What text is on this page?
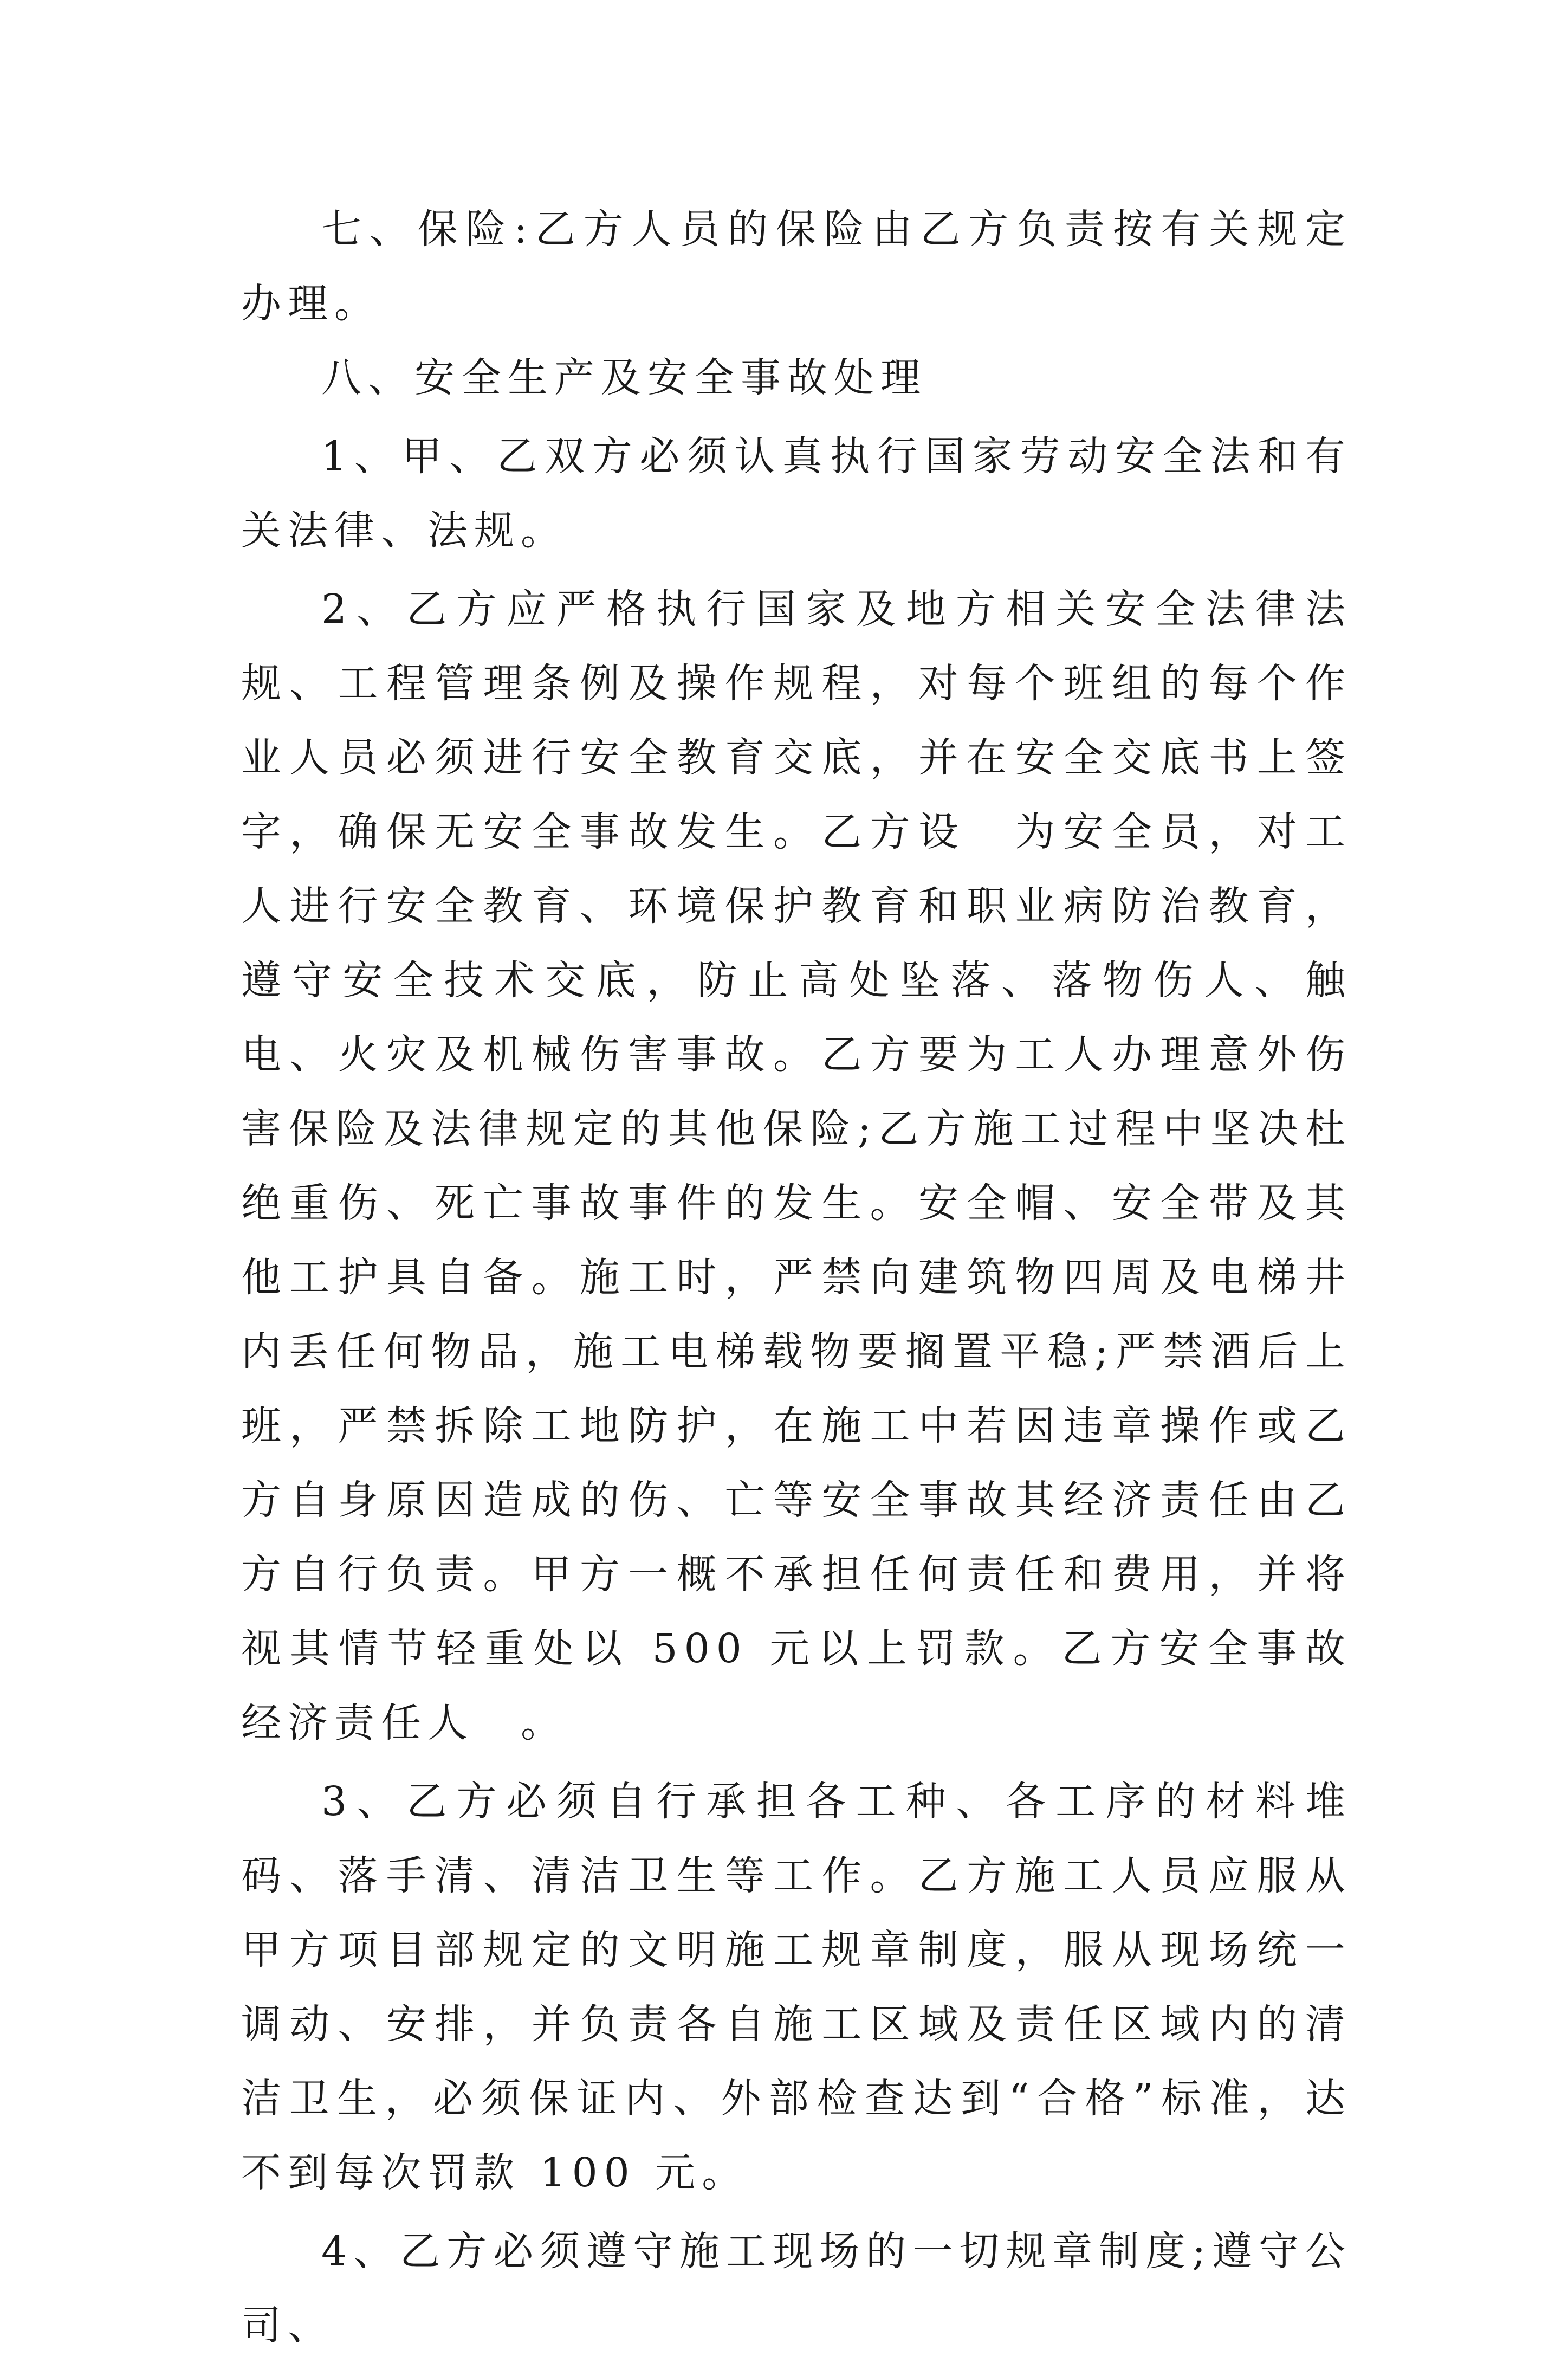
七、保险:乙方人员的保险由乙方负责按有关规定办理。

八、安全生产及安全事故处理

1、甲、乙双方必须认真执行国家劳动安全法和有关法律、法规。

2、乙方应严格执行国家及地方相关安全法律法规、工程管理条例及操作规程，对每个班组的每个作业人员必须进行安全教育交底，并在安全交底书上签字，确保无安全事故发生。乙方设　为安全员，对工人进行安全教育、环境保护教育和职业病防治教育，遵守安全技术交底，防止高处坠落、落物伤人、触电、火灾及机械伤害事故。乙方要为工人办理意外伤害保险及法律规定的其他保险;乙方施工过程中坚决杜绝重伤、死亡事故事件的发生。安全帽、安全带及其他工护具自备。施工时，严禁向建筑物四周及电梯井内丢任何物品，施工电梯载物要搁置平稳;严禁酒后上班，严禁拆除工地防护，在施工中若因违章操作或乙方自身原因造成的伤、亡等安全事故其经济责任由乙方自行负责。甲方一概不承担任何责任和费用，并将视其情节轻重处以 500 元以上罚款。乙方安全事故经济责任人　。

3、乙方必须自行承担各工种、各工序的材料堆码、落手清、清洁卫生等工作。乙方施工人员应服从甲方项目部规定的文明施工规章制度，服从现场统一调动、安排，并负责各自施工区域及责任区域内的清洁卫生，必须保证内、外部检查达到“合格”标准，达不到每次罚款 100 元。

4、乙方必须遵守施工现场的一切规章制度;遵守公司、
